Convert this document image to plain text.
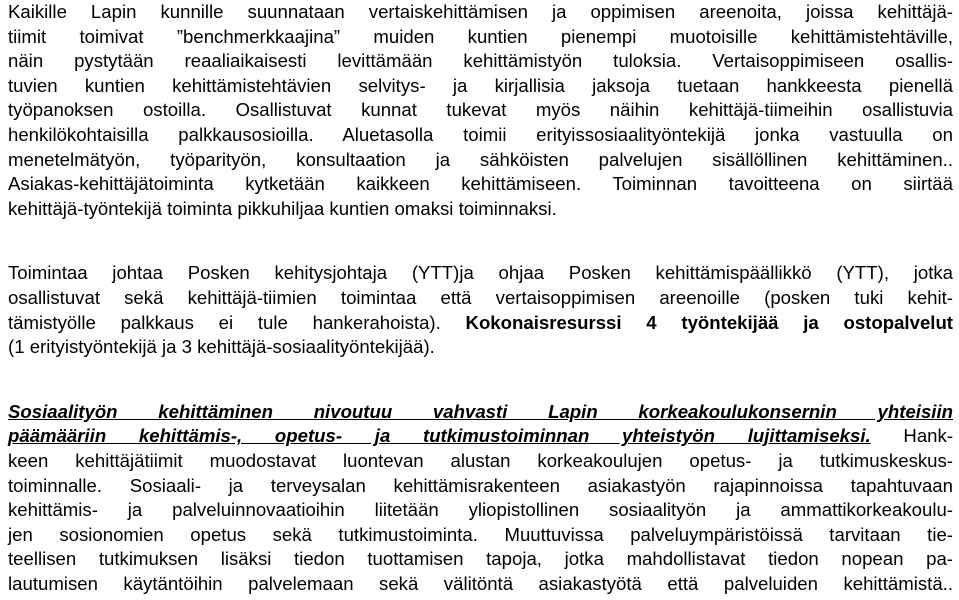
Kaikille Lapin kunnille suunnataan vertaiskehittämisen ja oppimisen areenoita, joissa kehittäjä-
tiimit toimivat ”benchmerkkaajina” muiden kuntien pienempi muotoisille kehittämistehtäville,
näin pystytään reaaliaikaisesti levittämään kehittämistyön tuloksia. Vertaisoppimiseen osallis-
tuvien kuntien kehittämistehtävien selvitys- ja kirjallisia jaksoja tuetaan hankkeesta pienellä
työpanoksen ostoilla. Osallistuvat kunnat tukevat myös näihin kehittäjä-tiimeihin osallistuvia
henkilökohtaisilla palkkausosioilla. Aluetasolla toimii erityissosiaalityöntekijä jonka vastuulla on
menetelmätyön, työparityön, konsultaation ja sähköisten palvelujen sisällöllinen kehittäminen..
Asiakas-kehittäjätoiminta kytketään kaikkeen kehittämiseen. Toiminnan tavoitteena on siirtää
kehittäjä-työntekijä toiminta pikkuhiljaa kuntien omaksi toiminnaksi.
Toimintaa johtaa Posken kehitysjohtaja (YTT)ja ohjaa Posken kehittämispäällikkö (YTT), jotka
osallistuvat sekä kehittäjä-tiimien toimintaa että vertaisoppimisen areenoille (posken tuki kehit-
tämistyölle palkkaus ei tule hankerahoista). Kokonaisresurssi 4 työntekijää ja ostopalvelut
(1 erityistyöntekijä ja 3 kehittäjä-sosiaalityöntekijää).
Sosiaalityön kehittäminen nivoutuu vahvasti Lapin korkeakoulukonsernin yhteisiin
päämääriin kehittämis-, opetus- ja tutkimustoiminnan yhteistyön lujittamiseksi. Hank-
keen kehittäjätiimit muodostavat luontevan alustan korkeakoulujen opetus- ja tutkimuskeskus-
toiminnalle. Sosiaali- ja terveysalan kehittämisrakenteen asiakastyön rajapinnoissa tapahtuvaan
kehittämis- ja palveluinnovaatioihin liitetään yliopistollinen sosiaalityön ja ammattikorkeakoulu-
jen sosionomien opetus sekä tutkimustoiminta. Muuttuvissa palveluympäristöissä tarvitaan tie-
teellisen tutkimuksen lisäksi tiedon tuottamisen tapoja, jotka mahdollistavat tiedon nopean pa-
lautumisen käytäntöihin palvelemaan sekä välitöntä asiakastyötä että palveluiden kehittämistä..
